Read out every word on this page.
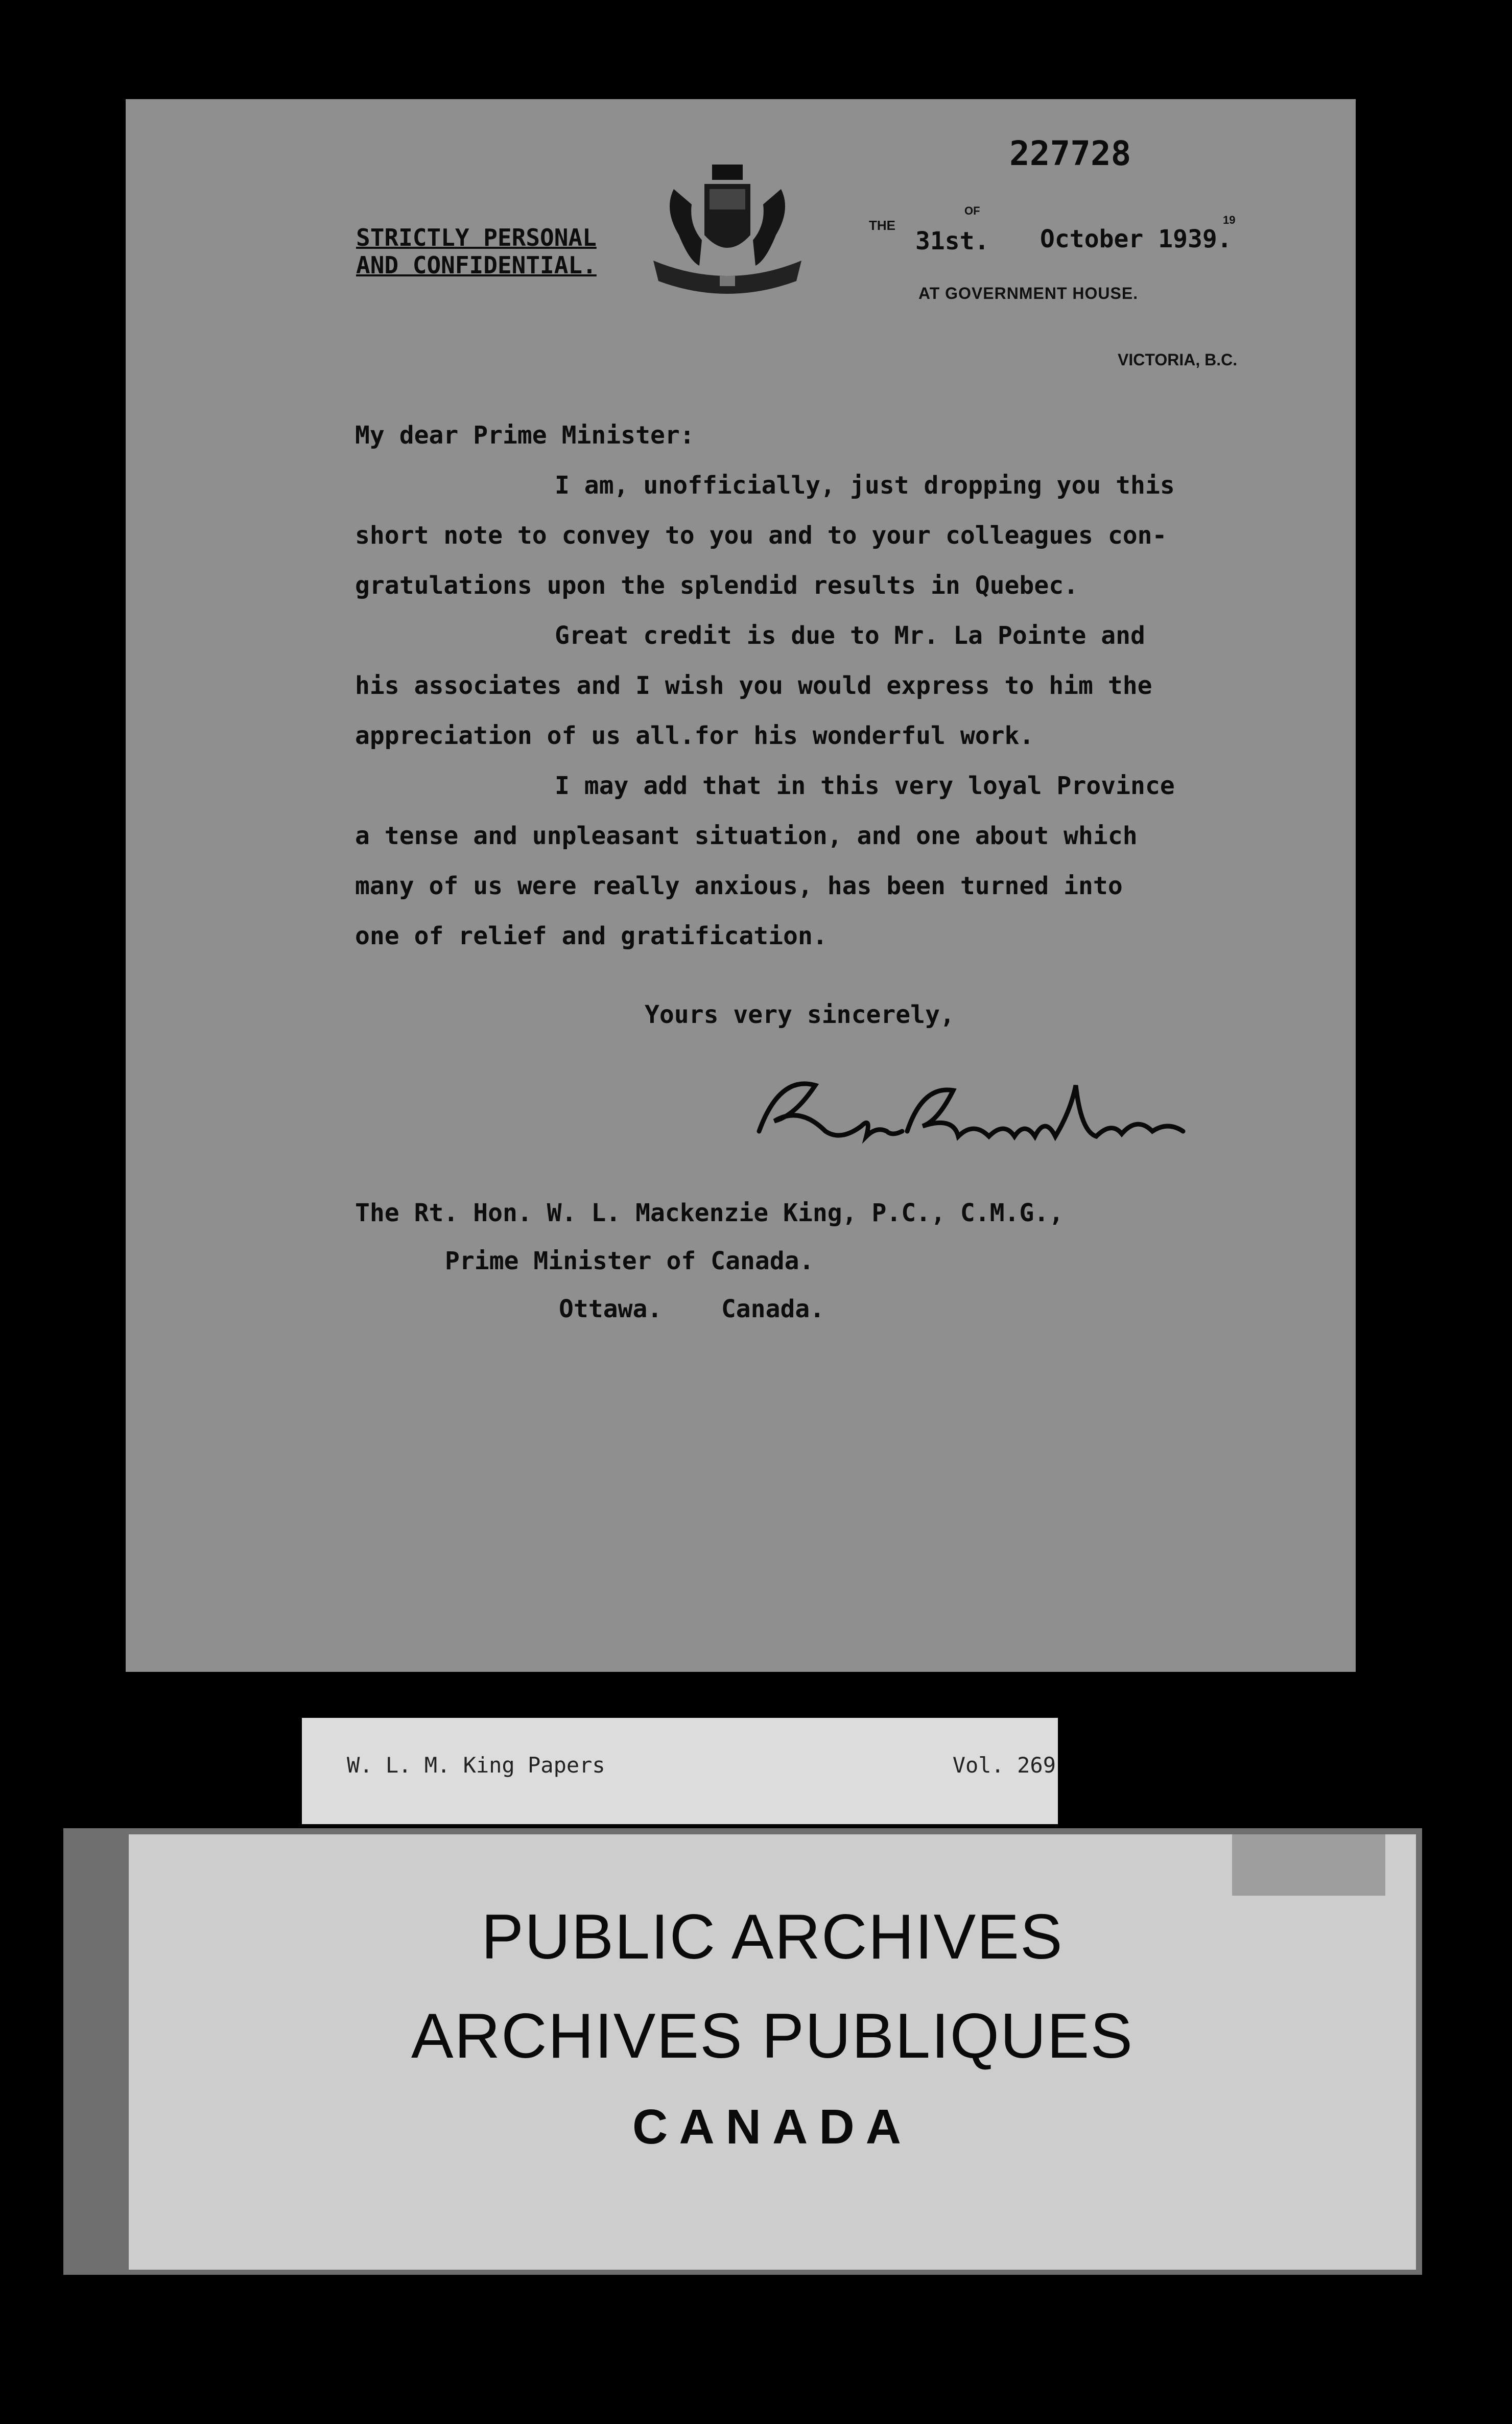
227728
STRICTLY PERSONAL
AND CONFIDENTIAL.
THE
31st.
OF
October 1939.
19
AT GOVERNMENT HOUSE.
VICTORIA, B.C.
My dear Prime Minister:
I am, unofficially, just dropping you this
short note to convey to you and to your colleagues con-
gratulations upon the splendid results in Quebec.
Great credit is due to Mr. La Pointe and
his associates and I wish you would express to him the
appreciation of us all.for his wonderful work.
I may add that in this very loyal Province
a tense and unpleasant situation, and one about which
many of us were really anxious, has been turned into
one of relief and gratification.
Yours very sincerely,
The Rt. Hon. W. L. Mackenzie King, P.C., C.M.G.,
Prime Minister of Canada.
Ottawa.    Canada.
W. L. M. King Papers	Vol. 269
PUBLIC ARCHIVES
ARCHIVES PUBLIQUES
CANADA
